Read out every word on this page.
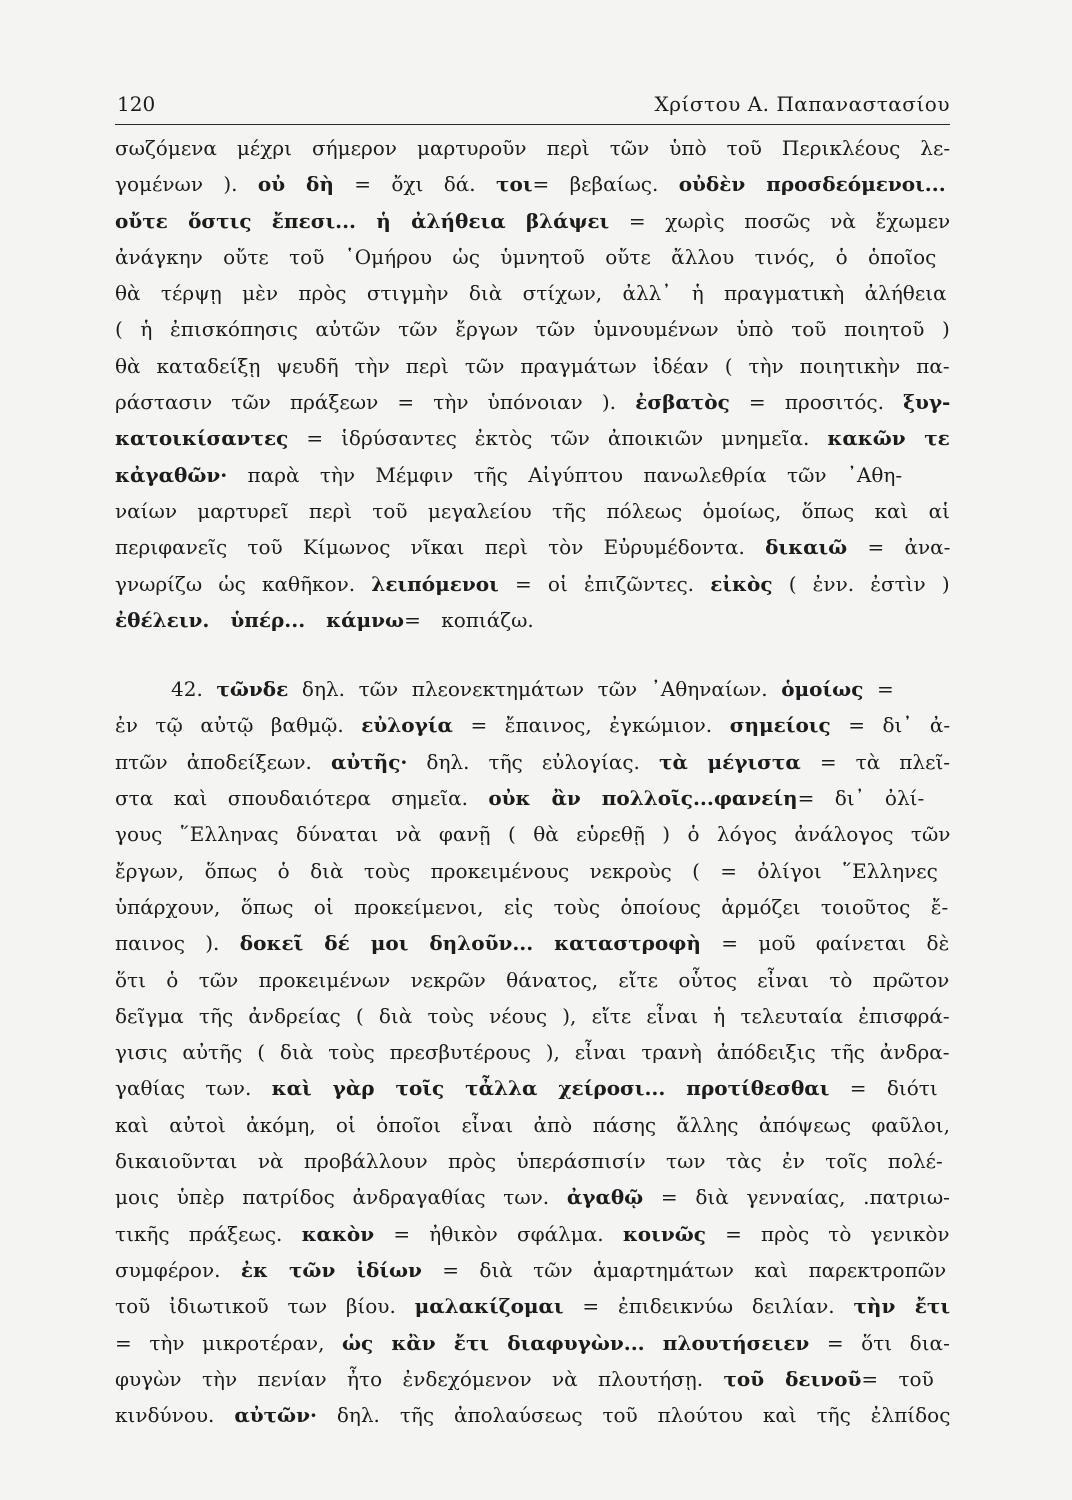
120	Χρίστου Α. Παπαναστασίου
σωζόμενα μέχρι σήμερον μαρτυροῦν περὶ τῶν ὑπὸ τοῦ Περικλέους λε-
γομένων ). οὐ δὴ = ὄχι δά. τοι= βεβαίως. οὐδὲν προσδεόμενοι...
οὔτε ὅστις ἔπεσι... ἡ ἀλήθεια βλάψει = χωρὶς ποσῶς νὰ ἔχωμεν
ἀνάγκην οὔτε τοῦ ῾Ομήρου ὡς ὑμνητοῦ οὔτε ἄλλου τινός, ὁ ὁποῖος
θὰ τέρψῃ μὲν πρὸς στιγμὴν διὰ στίχων, ἀλλ᾽ ἡ πραγματικὴ ἀλήθεια
( ἡ ἐπισκόπησις αὐτῶν τῶν ἔργων τῶν ὑμνουμένων ὑπὸ τοῦ ποιητοῦ )
θὰ καταδείξῃ ψευδῆ τὴν περὶ τῶν πραγμάτων ἰδέαν ( τὴν ποιητικὴν πα-
ράστασιν τῶν πράξεων = τὴν ὑπόνοιαν ). ἐσβατὸς = προσιτός. ξυγ-
κατοικίσαντες = ἱδρύσαντες ἐκτὸς τῶν ἀποικιῶν μνημεῖα. κακῶν τε
κἀγαθῶν· παρὰ τὴν Μέμφιν τῆς Αἰγύπτου πανωλεθρία τῶν ᾽Αθη-
ναίων μαρτυρεῖ περὶ τοῦ μεγαλείου τῆς πόλεως ὁμοίως, ὅπως καὶ αἱ
περιφανεῖς τοῦ Κίμωνος νῖκαι περὶ τὸν Εὐρυμέδοντα. δικαιῶ = ἀνα-
γνωρίζω ὡς καθῆκον. λειπόμενοι = οἱ ἐπιζῶντες. εἰκὸς ( ἐνν. ἐστὶν )
ἐθέλειν. ὑπέρ... κάμνω= κοπιάζω.
42. τῶνδε δηλ. τῶν πλεονεκτημάτων τῶν ᾽Αθηναίων. ὁμοίως =
ἐν τῷ αὐτῷ βαθμῷ. εὐλογία = ἔπαινος, ἐγκώμιον. σημείοις = δι᾽ ἀ-
πτῶν ἀποδείξεων. αὐτῆς· δηλ. τῆς εὐλογίας. τὰ μέγιστα = τὰ πλεῖ-
στα καὶ σπουδαιότερα σημεῖα. οὐκ ἂν πολλοῖς...φανείη= δι᾽ ὀλί-
γους ῞Ελληνας δύναται νὰ φανῇ ( θὰ εὑρεθῇ ) ὁ λόγος ἀνάλογος τῶν
ἔργων, ὅπως ὁ διὰ τοὺς προκειμένους νεκροὺς ( = ὀλίγοι ῞Ελληνες
ὑπάρχουν, ὅπως οἱ προκείμενοι, εἰς τοὺς ὁποίους ἁρμόζει τοιοῦτος ἔ-
παινος ). δοκεῖ δέ μοι δηλοῦν... καταστροφὴ = μοῦ φαίνεται δὲ
ὅτι ὁ τῶν προκειμένων νεκρῶν θάνατος, εἴτε οὗτος εἶναι τὸ πρῶτον
δεῖγμα τῆς ἀνδρείας ( διὰ τοὺς νέους ), εἴτε εἶναι ἡ τελευταία ἐπισφρά-
γισις αὐτῆς ( διὰ τοὺς πρεσβυτέρους ), εἶναι τρανὴ ἀπόδειξις τῆς ἀνδρα-
γαθίας των. καὶ γὰρ τοῖς τἆλλα χείροσι... προτίθεσθαι = διότι
καὶ αὐτοὶ ἀκόμη, οἱ ὁποῖοι εἶναι ἀπὸ πάσης ἄλλης ἀπόψεως φαῦλοι,
δικαιοῦνται νὰ προβάλλουν πρὸς ὑπεράσπισίν των τὰς ἐν τοῖς πολέ-
μοις ὑπὲρ πατρίδος ἀνδραγαθίας των. ἀγαθῷ = διὰ γενναίας, .πατριω-
τικῆς πράξεως. κακὸν = ἠθικὸν σφάλμα. κοινῶς = πρὸς τὸ γενικὸν
συμφέρον. ἐκ τῶν ἰδίων = διὰ τῶν ἁμαρτημάτων καὶ παρεκτροπῶν
τοῦ ἰδιωτικοῦ των βίου. μαλακίζομαι = ἐπιδεικνύω δειλίαν. τὴν ἔτι
= τὴν μικροτέραν, ὡς κἂν ἔτι διαφυγὼν... πλουτήσειεν = ὅτι δια-
φυγὼν τὴν πενίαν ἦτο ἐνδεχόμενον νὰ πλουτήσῃ. τοῦ δεινοῦ= τοῦ
κινδύνου. αὐτῶν· δηλ. τῆς ἀπολαύσεως τοῦ πλούτου καὶ τῆς ἐλπίδος
